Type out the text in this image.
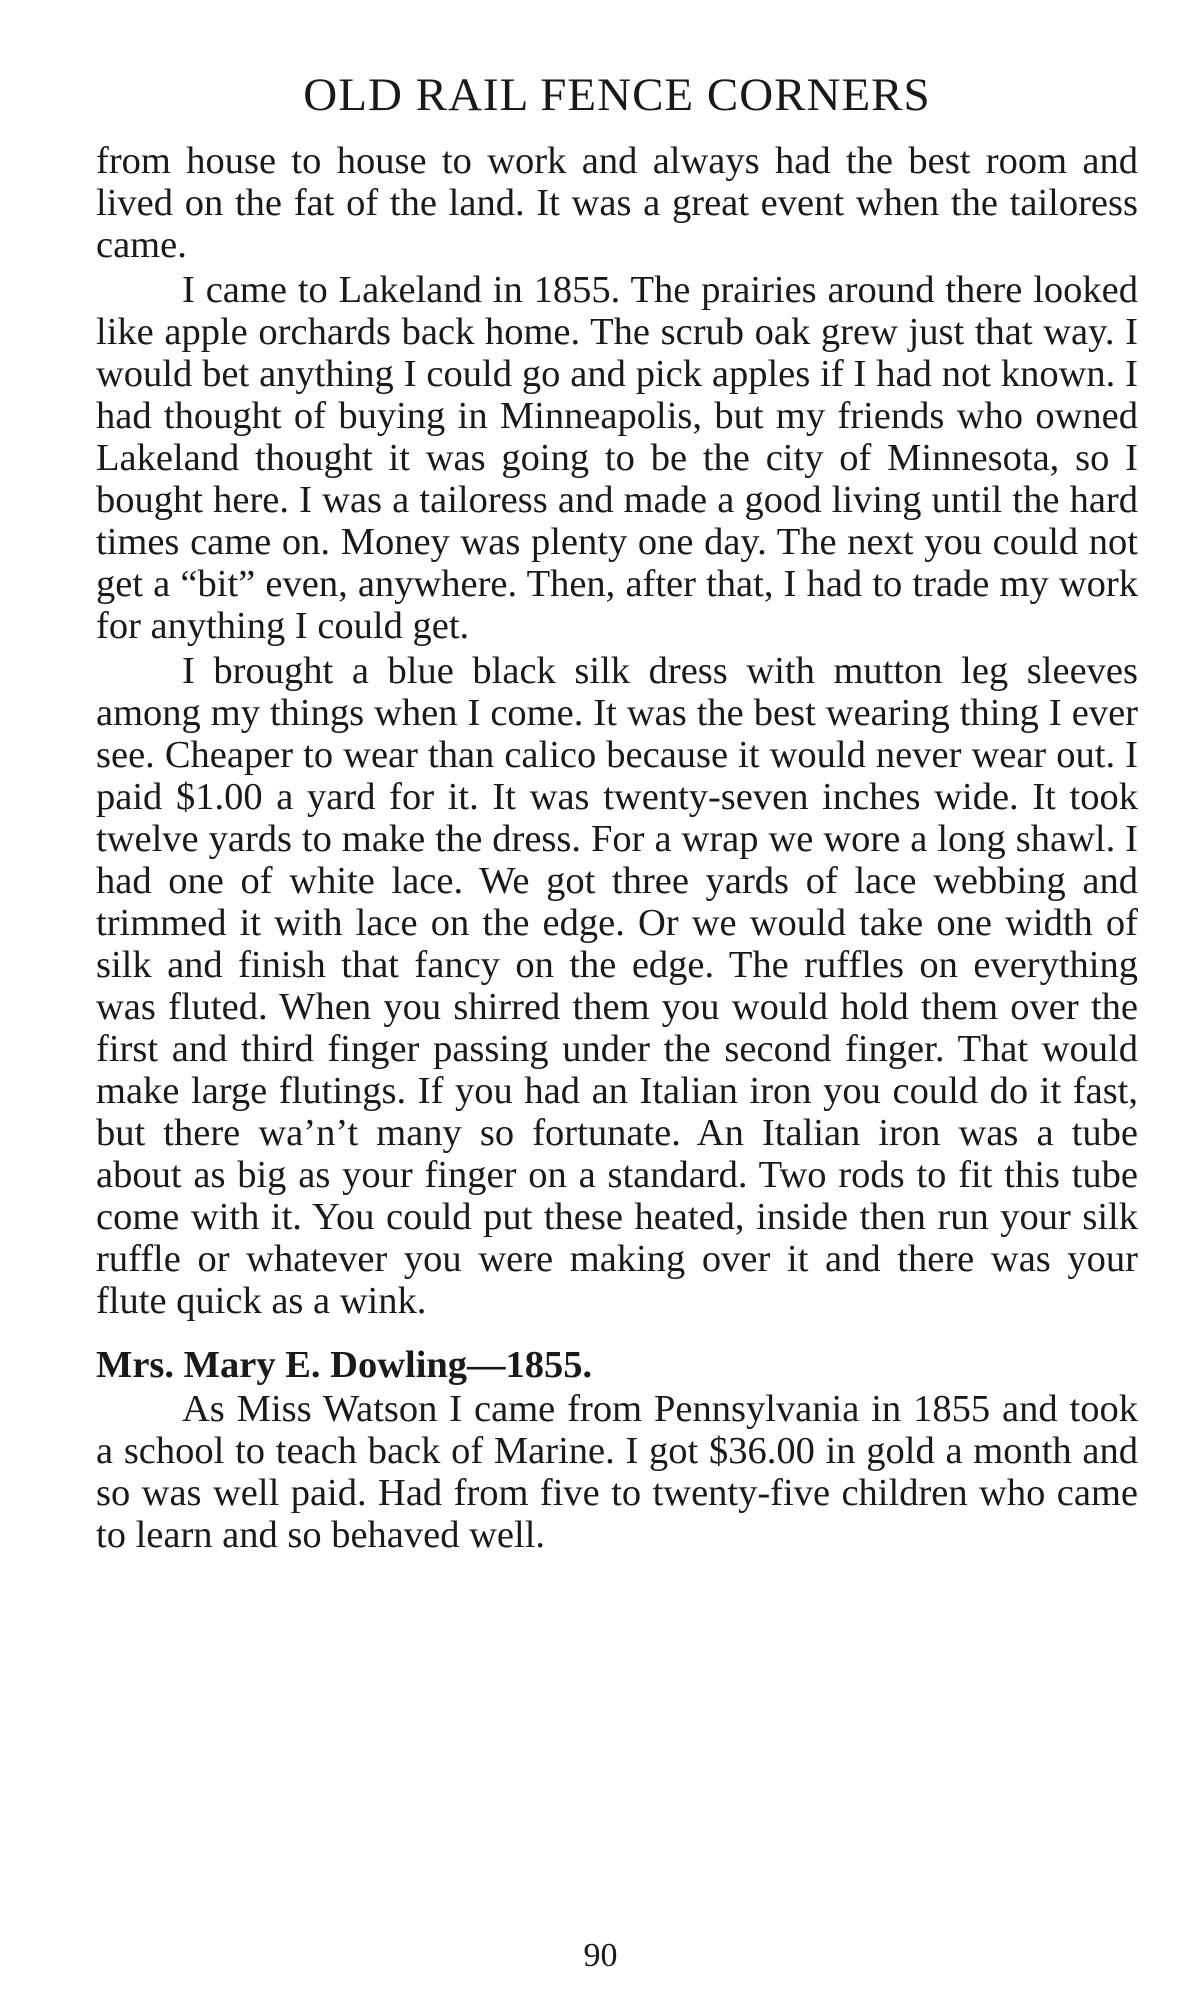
OLD RAIL FENCE CORNERS

from house to house to work and always had the best room and lived on the fat of the land. It was a great event when the tailoress came.

I came to Lakeland in 1855. The prairies around there looked like apple orchards back home. The scrub oak grew just that way. I would bet anything I could go and pick apples if I had not known. I had thought of buying in Minneapolis, but my friends who owned Lakeland thought it was going to be the city of Minnesota, so I bought here. I was a tailoress and made a good living until the hard times came on. Money was plenty one day. The next you could not get a “bit” even, anywhere. Then, after that, I had to trade my work for anything I could get.

I brought a blue black silk dress with mutton leg sleeves among my things when I come. It was the best wearing thing I ever see. Cheaper to wear than calico because it would never wear out. I paid $1.00 a yard for it. It was twenty-seven inches wide. It took twelve yards to make the dress. For a wrap we wore a long shawl. I had one of white lace. We got three yards of lace webbing and trimmed it with lace on the edge. Or we would take one width of silk and finish that fancy on the edge. The ruffles on everything was fluted. When you shirred them you would hold them over the first and third finger passing under the second finger. That would make large flutings. If you had an Italian iron you could do it fast, but there wa’n’t many so fortunate. An Italian iron was a tube about as big as your finger on a standard. Two rods to fit this tube come with it. You could put these heated, inside then run your silk ruffle or whatever you were making over it and there was your flute quick as a wink.

Mrs. Mary E. Dowling—1855.

As Miss Watson I came from Pennsylvania in 1855 and took a school to teach back of Marine. I got $36.00 in gold a month and so was well paid. Had from five to twenty-five children who came to learn and so behaved well.

90
